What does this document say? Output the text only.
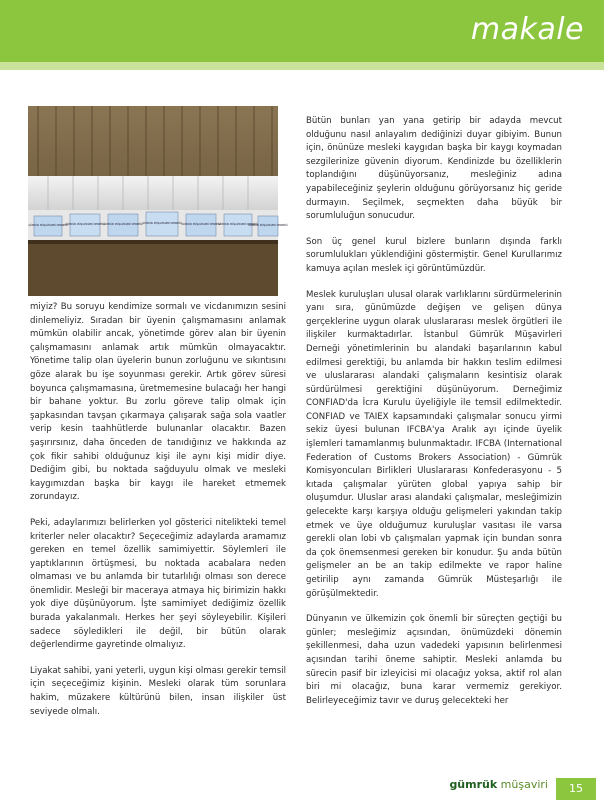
makale
GÜMRÜK MÜŞAVİRLERİ DERNEĞİ
GÜMRÜK MÜŞAVİRLERİ DERNEĞİ
GÜMRÜK MÜŞAVİRLERİ DERNEĞİ GÜMRÜK MÜŞAVİRLERİ DERNEĞİ GÜMRÜK MÜŞAVİRLERİ DERNEĞİ
GÜMRÜK MÜŞAVİRLERİ DERNEĞİ
GÜMRÜK MÜŞAVİRLERİ DERNEĞİ

miyiz? Bu soruyu kendimize sormalı ve vicdanımızın sesini dinlemeliyiz. Sıradan bir üyenin çalışmamasını anlamak mümkün olabilir ancak, yönetimde görev alan bir üyenin çalışmamasını anlamak artık mümkün olmayacaktır. Yönetime talip olan üyelerin bunun zorluğunu ve sıkıntısını göze alarak bu işe soyunması gerekir. Artık görev süresi boyunca çalışmamasına, üretmemesine bulacağı her hangi bir bahane yoktur. Bu zorlu göreve talip olmak için şapkasından tavşan çıkarmaya çalışarak sağa sola vaatler verip kesin taahhütlerde bulunanlar olacaktır. Bazen şaşırırsınız, daha önceden de tanıdığınız ve hakkında az çok fikir sahibi olduğunuz kişi ile aynı kişi midir diye. Dediğim gibi, bu noktada sağduyulu olmak ve mesleki kaygımızdan başka bir kaygı ile hareket etmemek zorundayız.

Peki, adaylarımızı belirlerken yol gösterici nitelikteki temel kriterler neler olacaktır? Seçeceğimiz adaylarda aramamız gereken en temel özellik samimiyettir. Söylemleri ile yaptıklarının örtüşmesi, bu noktada acabalara neden olmaması ve bu anlamda bir tutarlılığı olması son derece önemlidir. Mesleği bir maceraya atmaya hiç birimizin hakkı yok diye düşünüyorum. İşte samimiyet dediğimiz özellik burada yakalanmalı. Herkes her şeyi söyleyebilir. Kişileri sadece söyledikleri ile değil, bir bütün olarak değerlendirme gayretinde olmalıyız.

Liyakat sahibi, yani yeterli, uygun kişi olması gerekir temsil için seçeceğimiz kişinin. Mesleki olarak tüm sorunlara hakim, müzakere kültürünü bilen, insan ilişkiler üst seviyede olmalı.

Bütün bunları yan yana getirip bir adayda mevcut olduğunu nasıl anlayalım dediğinizi duyar gibiyim. Bunun için, önünüze mesleki kaygıdan başka bir kaygı koymadan sezgilerinize güvenin diyorum. Kendinizde bu özelliklerin toplandığını düşünüyorsanız, mesleğiniz adına yapabileceğiniz şeylerin olduğunu görüyorsanız hiç geride durmayın. Seçilmek, seçmekten daha büyük bir sorumluluğun sonucudur.

Son üç genel kurul bizlere bunların dışında farklı sorumlulukları yüklendiğini göstermiştir. Genel Kurullarımız kamuya açılan meslek içi görüntümüzdür.

Meslek kuruluşları ulusal olarak varlıklarını sürdürmelerinin yanı sıra, günümüzde değişen ve gelişen dünya gerçeklerine uygun olarak uluslararası meslek örgütleri ile ilişkiler kurmaktadırlar. İstanbul Gümrük Müşavirleri Derneği yönetimlerinin bu alandaki başarılarının kabul edilmesi gerektiği, bu anlamda bir hakkın teslim edilmesi ve uluslararası alandaki çalışmaların kesintisiz olarak sürdürülmesi gerektiğini düşünüyorum. Derneğimiz CONFIAD'da İcra Kurulu üyeliğiyle ile temsil edilmektedir. CONFIAD ve TAIEX kapsamındaki çalışmalar sonucu yirmi sekiz üyesi bulunan IFCBA'ya Aralık ayı içinde üyelik işlemleri tamamlanmış bulunmaktadır. IFCBA (International Federation of Customs Brokers Association) - Gümrük Komisyoncuları Birlikleri Uluslararası Konfederasyonu - 5 kıtada çalışmalar yürüten global yapıya sahip bir oluşumdur. Uluslar arası alandaki çalışmalar, mesleğimizin gelecekte karşı karşıya olduğu gelişmeleri yakından takip etmek ve üye olduğumuz kuruluşlar vasıtası ile varsa gerekli olan lobi vb çalışmaları yapmak için bundan sonra da çok önemsenmesi gereken bir konudur. Şu anda bütün gelişmeler an be an takip edilmekte ve rapor haline getirilip aynı zamanda Gümrük Müsteşarlığı ile görüşülmektedir.

Dünyanın ve ülkemizin çok önemli bir süreçten geçtiği bu günler; mesleğimiz açısından, önümüzdeki dönemin şekillenmesi, daha uzun vadedeki yapısının belirlenmesi açısından tarihi öneme sahiptir. Mesleki anlamda bu sürecin pasif bir izleyicisi mi olacağız yoksa, aktif rol alan biri mi olacağız, buna karar vermemiz gerekiyor. Belirleyeceğimiz tavır ve duruş gelecekteki her

gümrük müşaviri	15
